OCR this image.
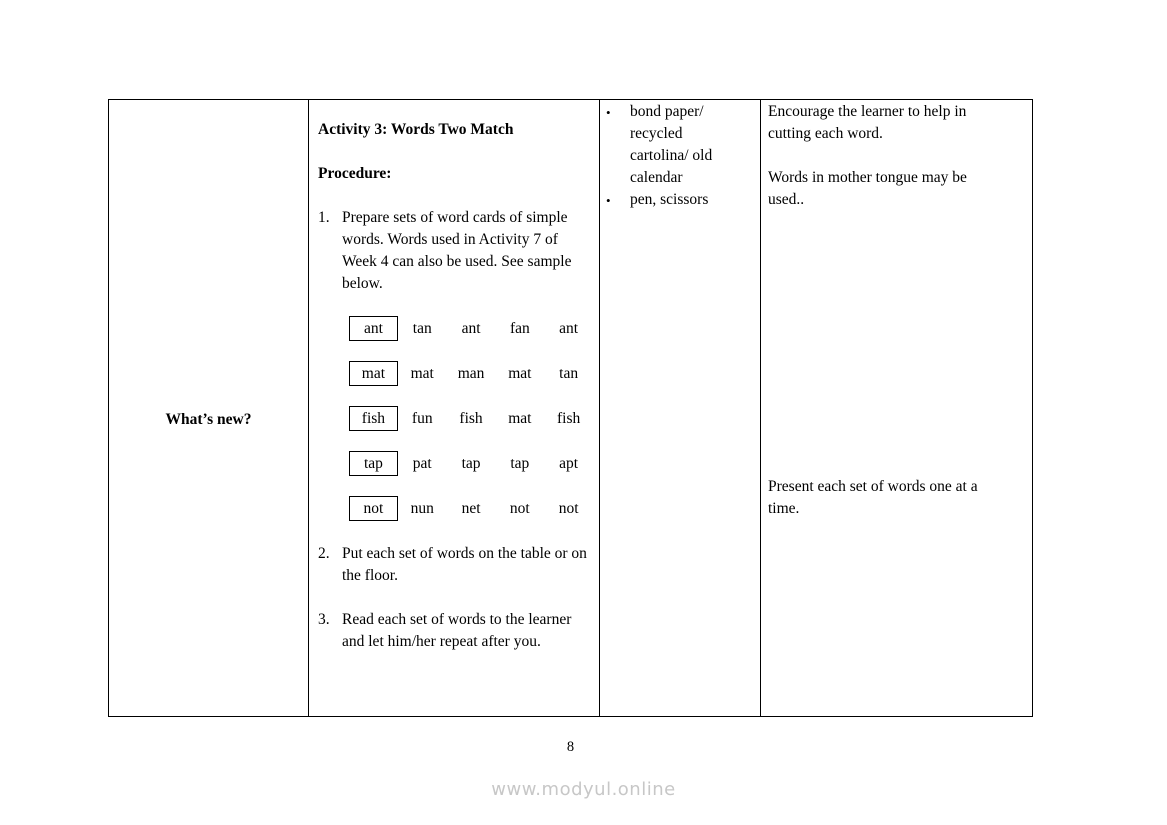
What’s new?
Activity 3: Words Two Match
Procedure:
1. Prepare sets of word cards of simple words. Words used in Activity 7 of Week 4 can also be used. See sample below.
ant	tan	ant	fan	ant
mat	mat	man	mat	tan
fish	fun	fish	mat	fish
tap	pat	tap	tap	apt
not	nun	net	not	not
2. Put each set of words on the table or on the floor.
3. Read each set of words to the learner and let him/her repeat after you.
•	bond paper/ recycled cartolina/ old calendar
•	pen, scissors
Encourage the learner to help in cutting each word.
Words in mother tongue may be used..
Present each set of words one at a time.
8
www.modyul.online
